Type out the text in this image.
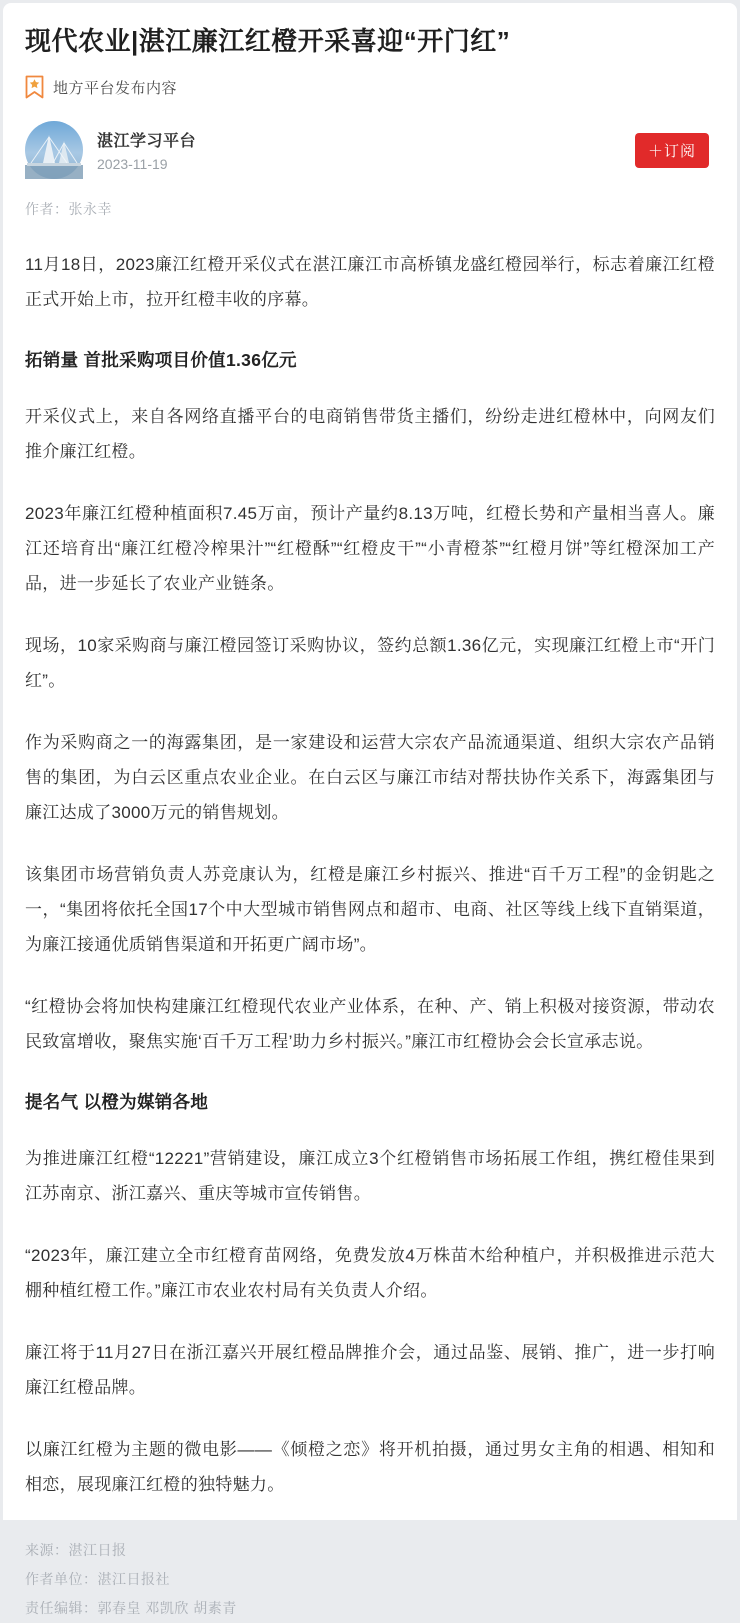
现代农业|湛江廉江红橙开采喜迎“开门红”
地方平台发布内容
湛江学习平台
2023-11-19
＋订阅
作者：张永幸

11月18日，2023廉江红橙开采仪式在湛江廉江市高桥镇龙盛红橙园举行，标志着廉江红橙正式开始上市，拉开红橙丰收的序幕。

拓销量 首批采购项目价值1.36亿元

开采仪式上，来自各网络直播平台的电商销售带货主播们，纷纷走进红橙林中，向网友们推介廉江红橙。

2023年廉江红橙种植面积7.45万亩，预计产量约8.13万吨，红橙长势和产量相当喜人。廉江还培育出“廉江红橙冷榨果汁”“红橙酥”“红橙皮干”“小青橙茶”“红橙月饼”等红橙深加工产品，进一步延长了农业产业链条。

现场，10家采购商与廉江橙园签订采购协议，签约总额1.36亿元，实现廉江红橙上市“开门红”。

作为采购商之一的海露集团，是一家建设和运营大宗农产品流通渠道、组织大宗农产品销售的集团，为白云区重点农业企业。在白云区与廉江市结对帮扶协作关系下，海露集团与廉江达成了3000万元的销售规划。

该集团市场营销负责人苏竞康认为，红橙是廉江乡村振兴、推进“百千万工程”的金钥匙之一，“集团将依托全国17个中大型城市销售网点和超市、电商、社区等线上线下直销渠道，为廉江接通优质销售渠道和开拓更广阔市场”。

“红橙协会将加快构建廉江红橙现代农业产业体系，在种、产、销上积极对接资源，带动农民致富增收，聚焦实施‘百千万工程’助力乡村振兴。”廉江市红橙协会会长宣承志说。

提名气 以橙为媒销各地

为推进廉江红橙“12221”营销建设，廉江成立3个红橙销售市场拓展工作组，携红橙佳果到江苏南京、浙江嘉兴、重庆等城市宣传销售。

“2023年，廉江建立全市红橙育苗网络，免费发放4万株苗木给种植户，并积极推进示范大棚种植红橙工作。”廉江市农业农村局有关负责人介绍。

廉江将于11月27日在浙江嘉兴开展红橙品牌推介会，通过品鉴、展销、推广，进一步打响廉江红橙品牌。

以廉江红橙为主题的微电影——《倾橙之恋》将开机拍摄，通过男女主角的相遇、相知和相恋，展现廉江红橙的独特魅力。

来源：湛江日报
作者单位：湛江日报社
责任编辑：郭春皇 邓凯欣 胡素青
